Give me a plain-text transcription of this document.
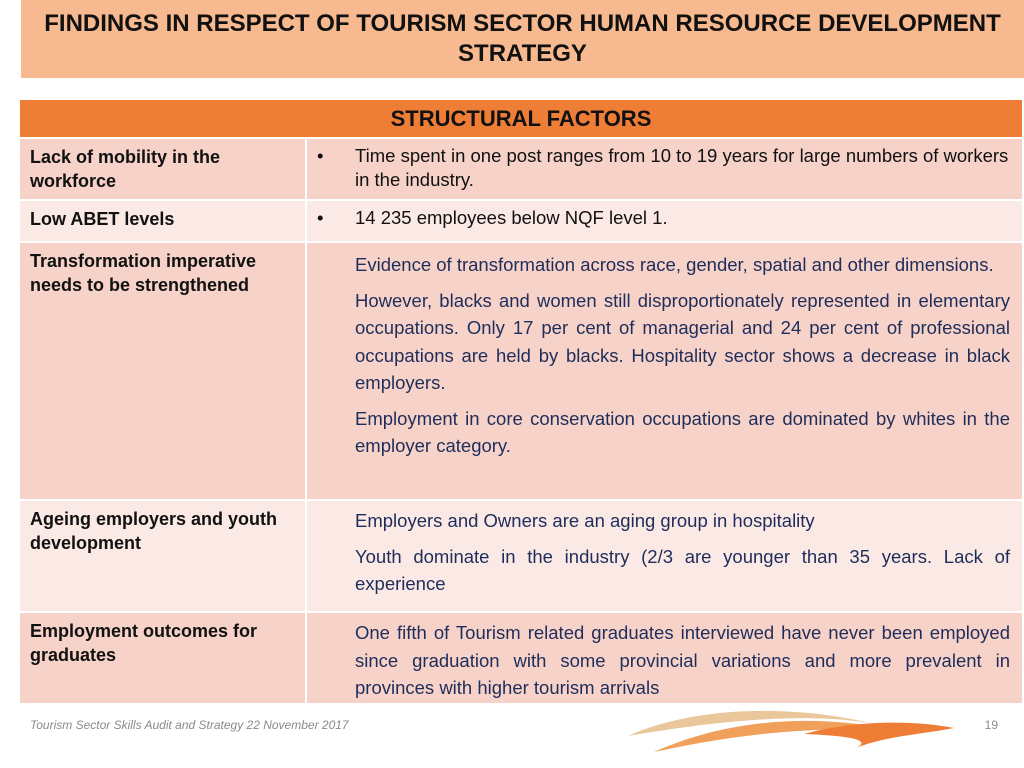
FINDINGS IN RESPECT OF TOURISM SECTOR HUMAN RESOURCE DEVELOPMENT STRATEGY
STRUCTURAL FACTORS	
Lack of mobility in the workforce	• Time spent in one post ranges from 10 to 19 years for large numbers of workers in the industry.

Low ABET levels	• 14 235 employees below NQF level 1.

Transformation imperative needs to be strengthened	Evidence of transformation across race, gender, spatial and other dimensions.

However, blacks and women still disproportionately represented in elementary occupations. Only 17 per cent of managerial and 24 per cent of professional occupations are held by blacks. Hospitality sector shows a decrease in black employers.

Employment in core conservation occupations are dominated by whites in the employer category.

Ageing employers and youth development	Employers and Owners are an aging group in hospitality

Youth dominate in the industry (2/3 are younger than 35 years. Lack of experience

Employment outcomes for graduates	One fifth of Tourism related graduates interviewed have never been employed since graduation with some provincial variations and more prevalent in provinces with higher tourism arrivals

Tourism Sector Skills Audit and Strategy 22 November 2017	19
